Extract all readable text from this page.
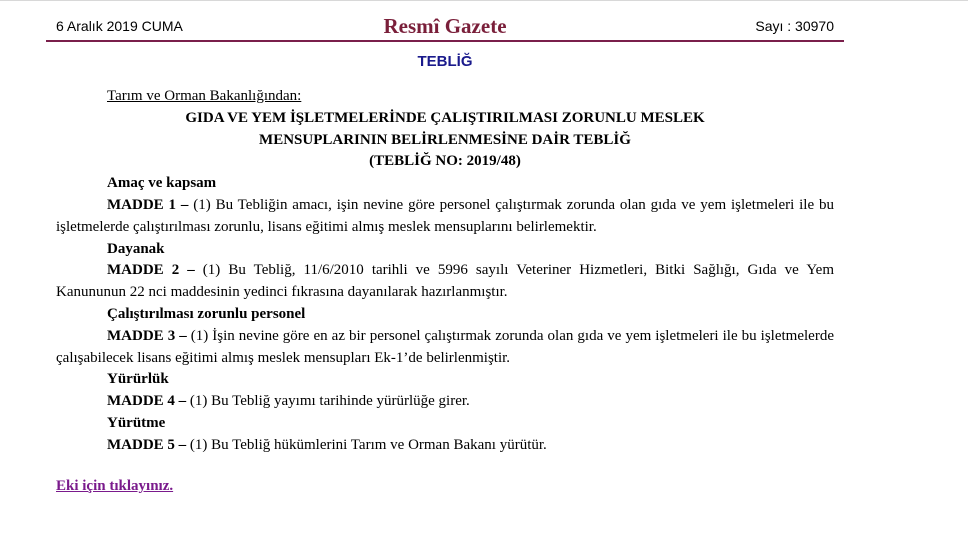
6 Aralık 2019 CUMA	Resmî Gazete	Sayı : 30970
TEBLİĞ

Tarım ve Orman Bakanlığından:

GIDA VE YEM İŞLETMELERİNDE ÇALIŞTIRILMASI ZORUNLU MESLEK

MENSUPLARININ BELİRLENMESİNE DAİR TEBLİĞ

(TEBLİĞ NO: 2019/48)

Amaç ve kapsam

MADDE 1 – (1) Bu Tebliğin amacı, işin nevine göre personel çalıştırmak zorunda olan gıda ve yem işletmeleri ile bu işletmelerde çalıştırılması zorunlu, lisans eğitimi almış meslek mensuplarını belirlemektir.

Dayanak

MADDE 2 – (1) Bu Tebliğ, 11/6/2010 tarihli ve 5996 sayılı Veteriner Hizmetleri, Bitki Sağlığı, Gıda ve Yem Kanununun 22 nci maddesinin yedinci fıkrasına dayanılarak hazırlanmıştır.

Çalıştırılması zorunlu personel

MADDE 3 – (1) İşin nevine göre en az bir personel çalıştırmak zorunda olan gıda ve yem işletmeleri ile bu işletmelerde çalışabilecek lisans eğitimi almış meslek mensupları Ek-1’de belirlenmiştir.

Yürürlük

MADDE 4 – (1) Bu Tebliğ yayımı tarihinde yürürlüğe girer.

Yürütme

MADDE 5 – (1) Bu Tebliğ hükümlerini Tarım ve Orman Bakanı yürütür.

Eki için tıklayınız.
